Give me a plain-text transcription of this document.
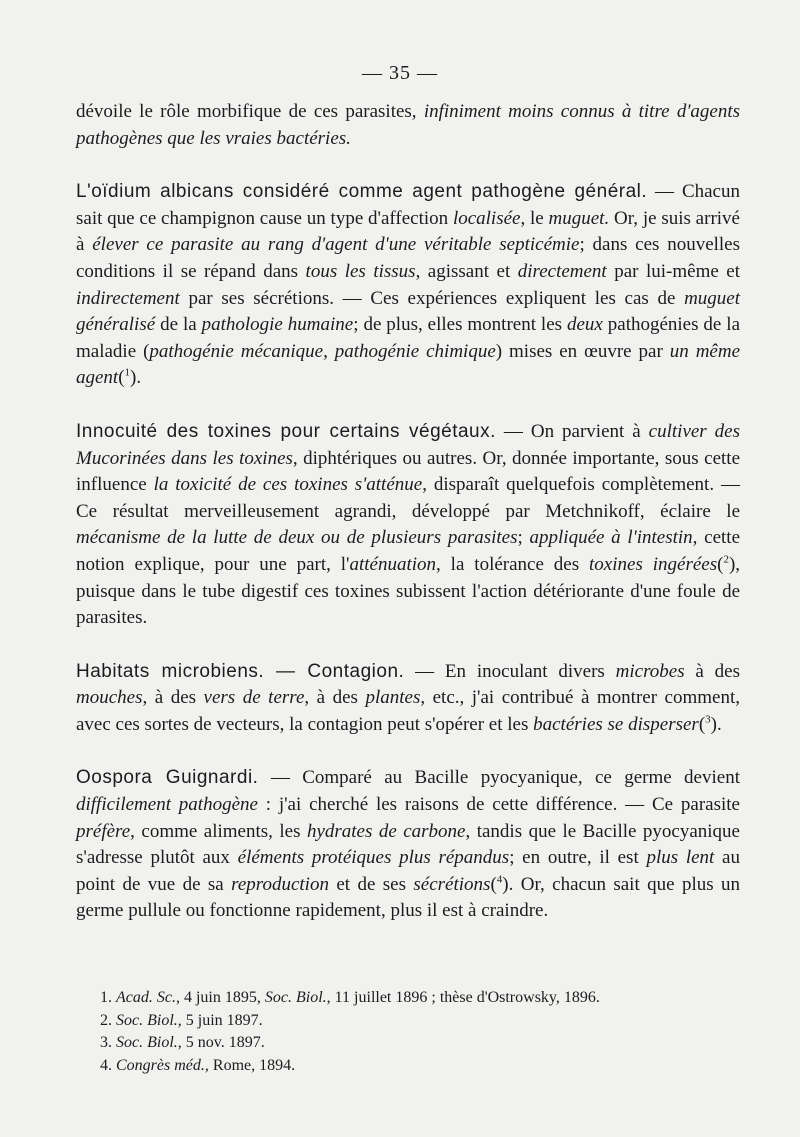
— 35 —

dévoile le rôle morbifique de ces parasites, infiniment moins connus à titre d'agents pathogènes que les vraies bactéries.

L'oïdium albicans considéré comme agent pathogène général. — Chacun sait que ce champignon cause un type d'affection localisée, le muguet. Or, je suis arrivé à élever ce parasite au rang d'agent d'une véritable septicémie; dans ces nouvelles conditions il se répand dans tous les tissus, agissant et directement par lui-même et indirectement par ses sécrétions. — Ces expériences expliquent les cas de muguet généralisé de la pathologie humaine; de plus, elles montrent les deux pathogénies de la maladie (pathogénie mécanique, pathogénie chimique) mises en œuvre par un même agent($^1$).

Innocuité des toxines pour certains végétaux. — On parvient à cultiver des Mucorinées dans les toxines, diphtériques ou autres. Or, donnée importante, sous cette influence la toxicité de ces toxines s'atténue, disparaît quelquefois complètement. — Ce résultat merveilleusement agrandi, développé par Metchnikoff, éclaire le mécanisme de la lutte de deux ou de plusieurs parasites; appliquée à l'intestin, cette notion explique, pour une part, l'atténuation, la tolérance des toxines ingérées($^2$), puisque dans le tube digestif ces toxines subissent l'action détériorante d'une foule de parasites.

Habitats microbiens. — Contagion. — En inoculant divers microbes à des mouches, à des vers de terre, à des plantes, etc., j'ai contribué à montrer comment, avec ces sortes de vecteurs, la contagion peut s'opérer et les bactéries se disperser($^3$).

Oospora Guignardi. — Comparé au Bacille pyocyanique, ce germe devient difficilement pathogène : j'ai cherché les raisons de cette différence. — Ce parasite préfère, comme aliments, les hydrates de carbone, tandis que le Bacille pyocyanique s'adresse plutôt aux éléments protéiques plus répandus; en outre, il est plus lent au point de vue de sa reproduction et de ses sécrétions($^4$). Or, chacun sait que plus un germe pullule ou fonctionne rapidement, plus il est à craindre.

1. Acad. Sc., 4 juin 1895, Soc. Biol., 11 juillet 1896 ; thèse d'Ostrowsky, 1896.
2. Soc. Biol., 5 juin 1897.
3. Soc. Biol., 5 nov. 1897.
4. Congrès méd., Rome, 1894.
